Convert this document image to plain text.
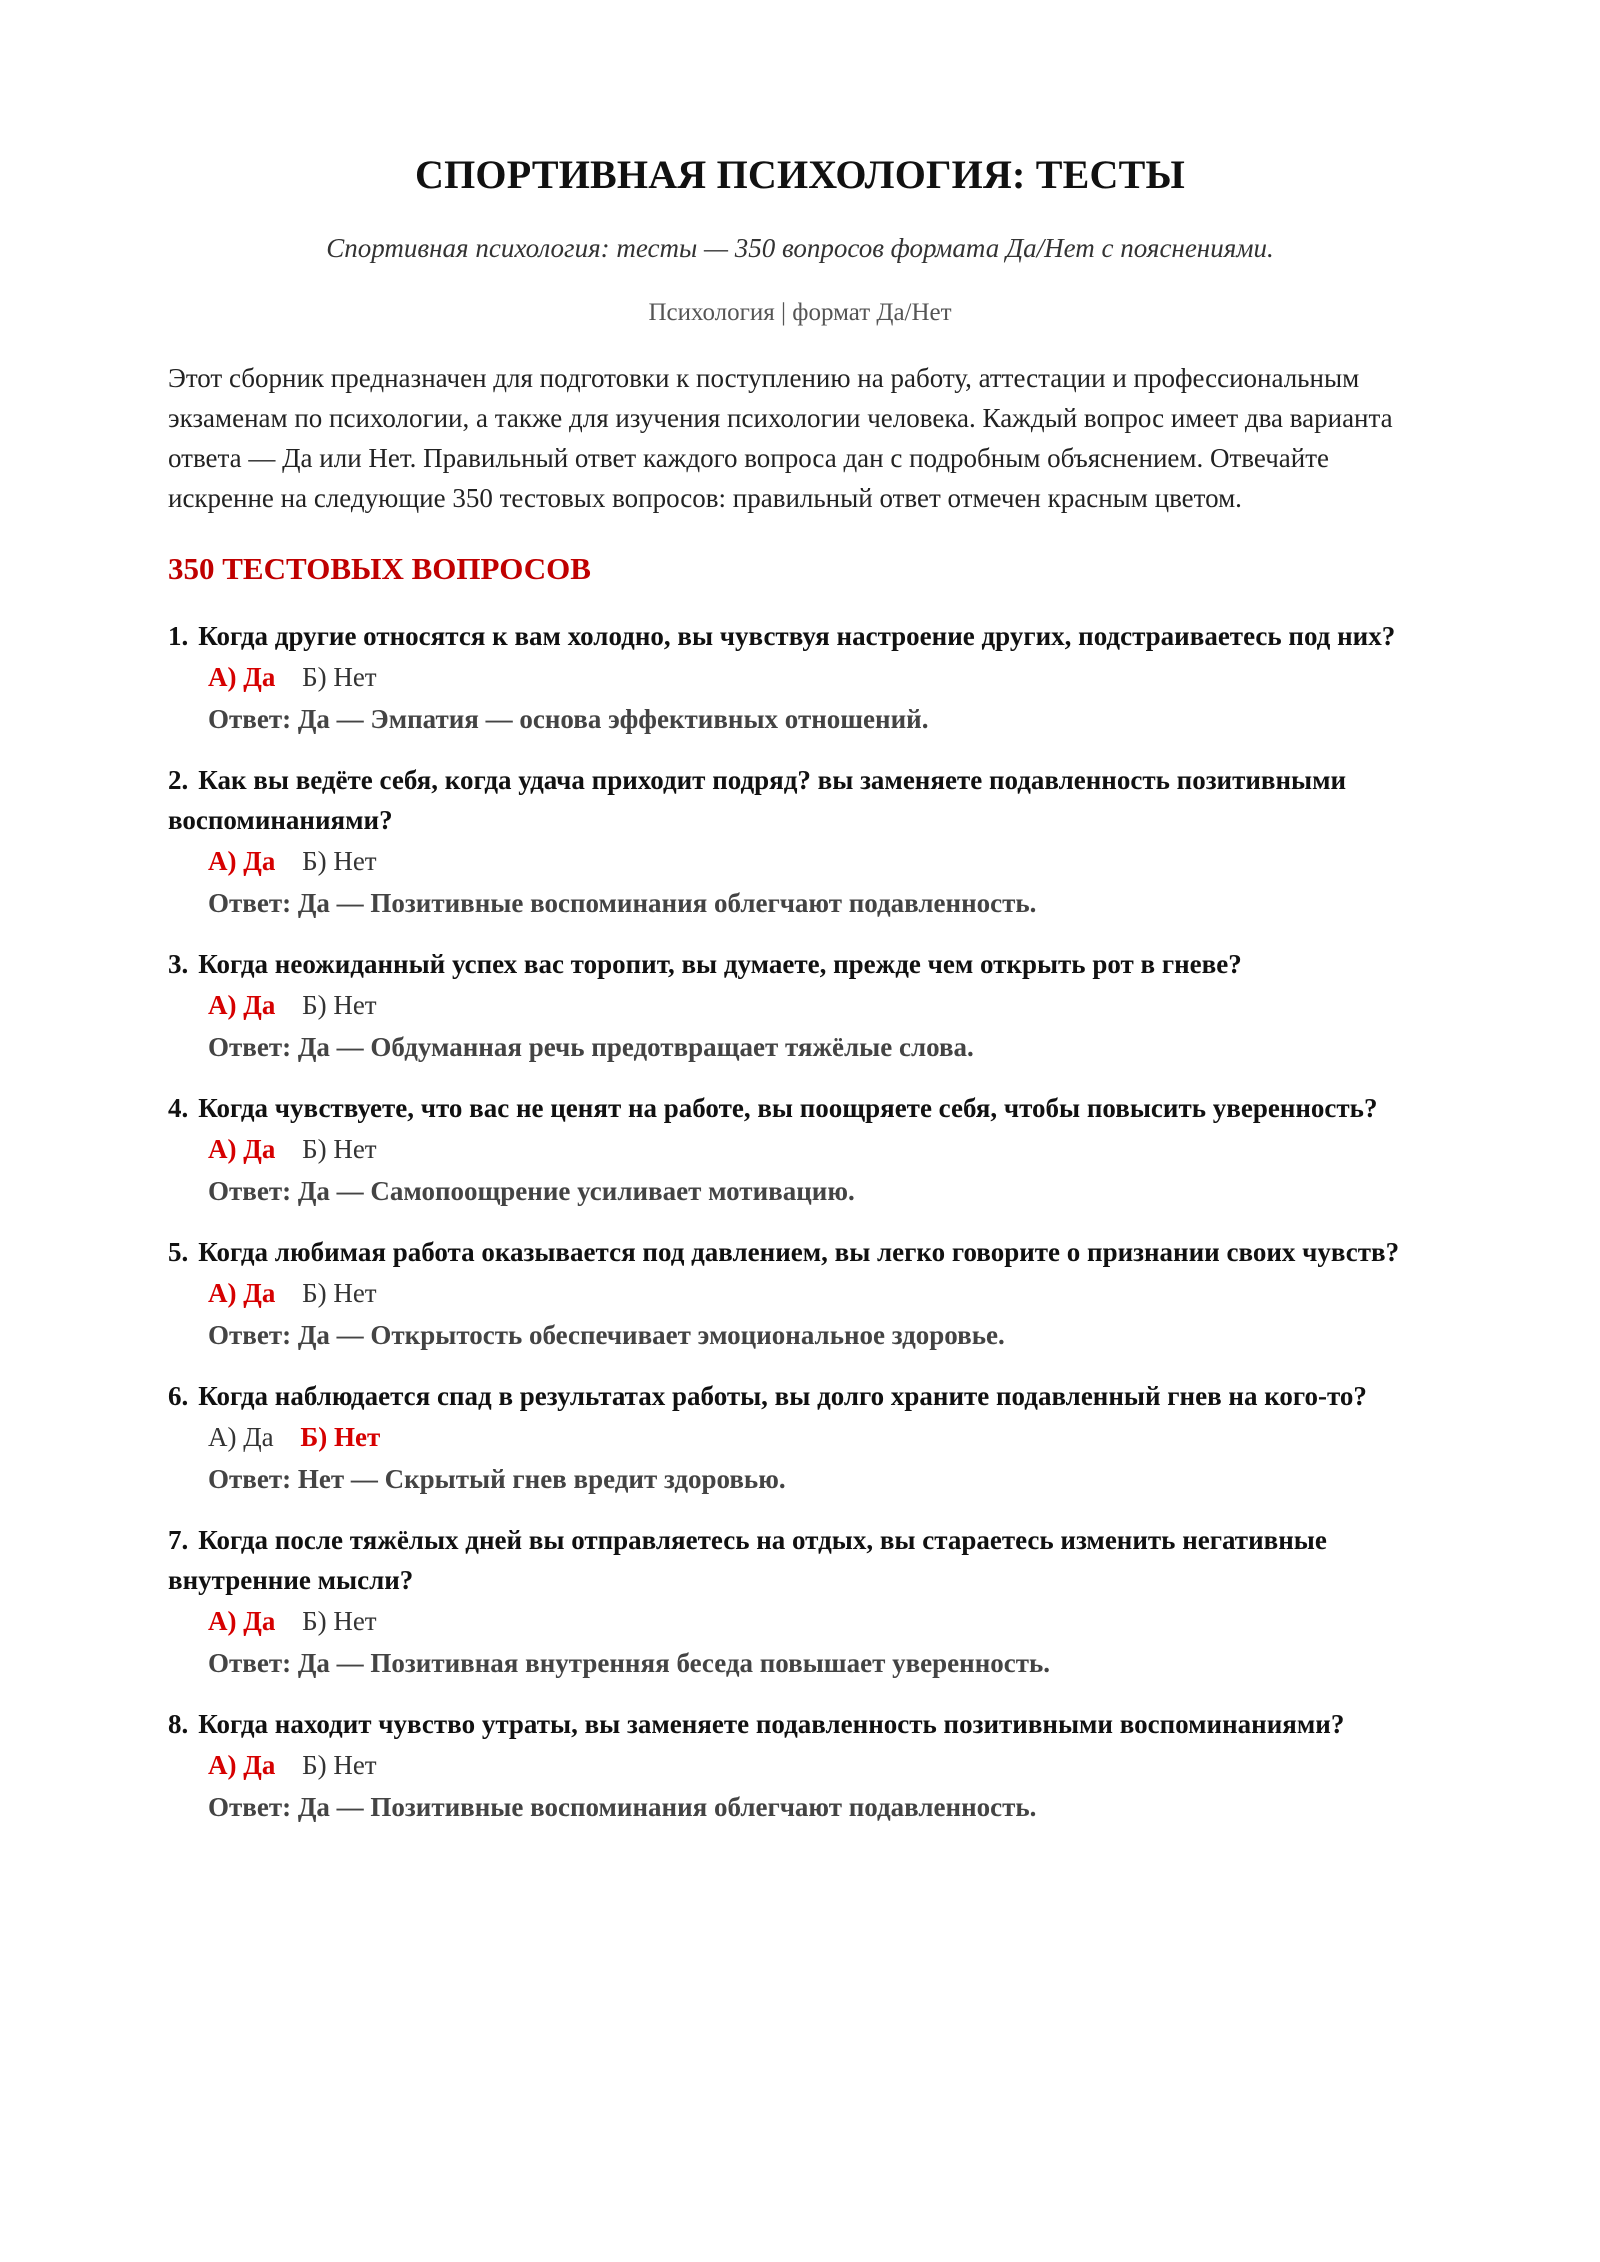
СПОРТИВНАЯ ПСИХОЛОГИЯ: ТЕСТЫ

Спортивная психология: тесты — 350 вопросов формата Да/Нет с пояснениями.

Психология | формат Да/Нет

Этот сборник предназначен для подготовки к поступлению на работу, аттестации и профессиональным экзаменам по психологии, а также для изучения психологии человека. Каждый вопрос имеет два варианта ответа — Да или Нет. Правильный ответ каждого вопроса дан с подробным объяснением. Отвечайте искренне на следующие 350 тестовых вопросов: правильный ответ отмечен красным цветом.

350 ТЕСТОВЫХ ВОПРОСОВ

1. Когда другие относятся к вам холодно, вы чувствуя настроение других, подстраиваетесь под них?

А) Да Б) Нет
Ответ: Да — Эмпатия — основа эффективных отношений.

2. Как вы ведёте себя, когда удача приходит подряд? вы заменяете подавленность позитивными воспоминаниями?

А) Да Б) Нет
Ответ: Да — Позитивные воспоминания облегчают подавленность.

3. Когда неожиданный успех вас торопит, вы думаете, прежде чем открыть рот в гневе?

А) Да Б) Нет
Ответ: Да — Обдуманная речь предотвращает тяжёлые слова.

4. Когда чувствуете, что вас не ценят на работе, вы поощряете себя, чтобы повысить уверенность?

А) Да Б) Нет
Ответ: Да — Самопоощрение усиливает мотивацию.

5. Когда любимая работа оказывается под давлением, вы легко говорите о признании своих чувств?

А) Да Б) Нет
Ответ: Да — Открытость обеспечивает эмоциональное здоровье.

6. Когда наблюдается спад в результатах работы, вы долго храните подавленный гнев на кого-то?

А) Да Б) Нет
Ответ: Нет — Скрытый гнев вредит здоровью.

7. Когда после тяжёлых дней вы отправляетесь на отдых, вы стараетесь изменить негативные внутренние мысли?

А) Да Б) Нет
Ответ: Да — Позитивная внутренняя беседа повышает уверенность.

8. Когда находит чувство утраты, вы заменяете подавленность позитивными воспоминаниями?

А) Да Б) Нет
Ответ: Да — Позитивные воспоминания облегчают подавленность.
